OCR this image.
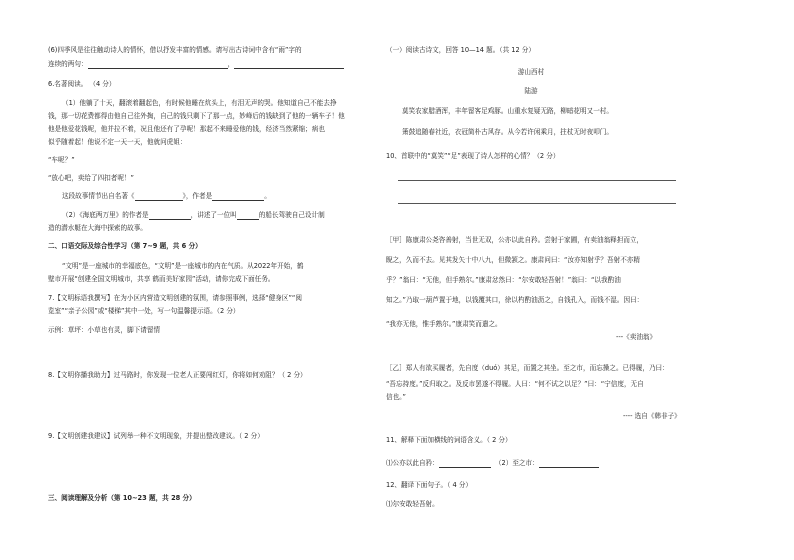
(6)四季风是往往触动诗人的情怀，借以抒发丰富的情感。请写出古诗词中含有“雨”字的
连续的两句：	，
6.名著阅读。 （4 分）
（1）他躺了十天，翻滚着翻起色，有时候他睡在炕头上，有泪无声的哭。他知道自己不能去挣
钱，那一切花费都得由他自己往外掏，自己的钱只剩下了那一点，妙峰后的钱缺到了他的一辆车子！他
他是他爱花钱呢，他并拉不着，况且他还有了孕呢！那起不来睡爱他的钱，经济当然紧缩；病也
似乎随着起！他说不定一天一天，他就问虎姐：
“车呢？”
“放心吧，卖给了四扣者呢！”
这段故事情节出自名著《	》，作者是	。
（2）《海底两万里》的作者是	，讲述了一位叫	的船长驾驶自己设计制
造的潜水艇在大海中探索的故事。
二、口语交际及综合性学习（第 7~9 题，共 6 分）
“文明”是一座城市的幸福底色，“文明”是一座城市的内在气质。从2022年开始，鹤
壁市开展“创建全国文明城市，共享 鹤而美好家园”活动，请你完成下面任务。
7.【文明标语我撰写】在为小区内营造文明创建的氛围，请参照事例，选择“健身区”“阅
览室”“亲子公园”或“楼梯”其中一处，写一句温馨提示语。（2 分）
示例：草坪：小草也有灵，脚下请留情
8.【文明你播我助力】过马路时，你发现一位老人正要闯红灯，你将如何劝阻？（ 2 分）
9.【文明创建我建议】试列举一种不文明现象，并提出整改建议。（ 2 分）
三、阅读理解及分析（第 10~23 题，共 28 分）
（一）阅读古诗文，回答 10—14 题。（共 12 分）
游山西村
陆游
莫笑农家腊酒浑，丰年留客足鸡豚。山重水复疑无路，柳暗花明又一村。
箫鼓追随春社近，衣冠简朴古风存。从今若许闲乘月，拄杖无时夜叩门。
10、首联中的“莫笑”“足”表现了诗人怎样的心情？（2 分）
［甲］陈康肃公尧咨善射，当世无双，公亦以此自矜。尝射于家圃，有卖油翁释担而立，
睨之，久而不去。见其发矢十中八九，但微颔之。康肃问曰：“汝亦知射乎？吾射不亦精
乎？”翁曰：“无他，但手熟尔。”康肃忿然曰：“尔安敢轻吾射！”翁曰：“以我酌油
知之。”乃取一葫芦置于地，以钱覆其口，徐以杓酌油沥之，自钱孔入，而钱不湿。因曰：
“我亦无他，惟手熟尔。”康肃笑而遣之。
---《卖油翁》
［乙］郑人有欲买履者，先自度（duó）其足，而置之其坐。至之市，而忘操之。已得履，乃曰：
“吾忘持度。”反归取之。及反市罢遂不得履。人曰：“何不试之以足？”曰：“宁信度，无自
信也。”
---- 选自《韩非子》
11、解释下面加横线的词语含义。（ 2 分）
⑴公亦以此自矜：	（2）至之市：
12、翻译下面句子。（ 4 分）
⑴尔安敢轻吾射。
